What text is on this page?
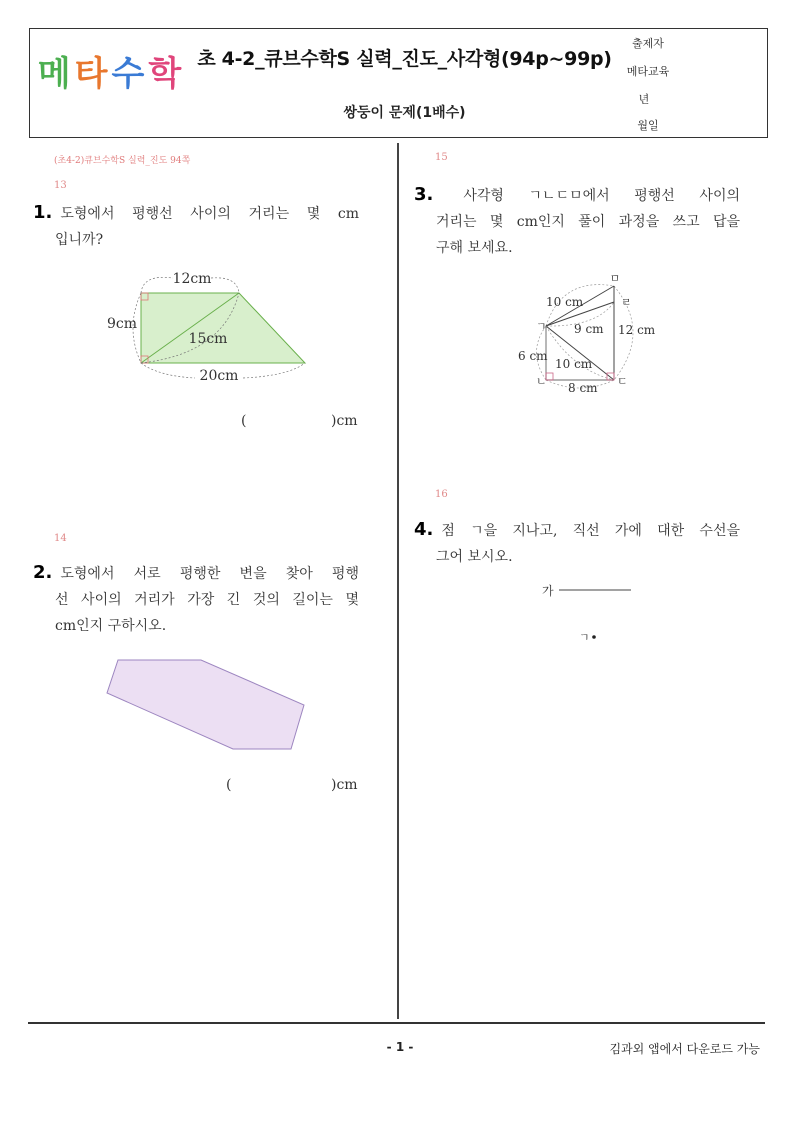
메 타 수 학 초 4-2_큐브수학S 실력_진도_사각형(94p~99p)
쌍둥이 문제(1배수)
출제자
메타교육
년
월 일
(초4-2)큐브수학S 실력_진도 94쪽
13
1. 도형에서 평행선 사이의 거리는 몇 cm
입니까?
12cm
9cm
15cm
20cm
(	)cm
14
2. 도형에서 서로 평행한 변을 찾아 평행
선 사이의 거리가 가장 긴 것의 길이는 몇
cm인지 구하시오.
(	)cm
15
3. 사각형 ㄱㄴㄷㅁ에서 평행선 사이의
거리는 몇 cm인지 풀이 과정을 쓰고 답을
구해 보세요.
ㅁ
ㄹ
ㄱ
ㄴ	ㄷ
10 cm
9 cm 12 cm
6 cm
10 cm
8 cm
16
4. 점 ㄱ을 지나고, 직선 가에 대한 수선을
그어 보시오.
가
ㄱ
- 1 -	김과외 앱에서 다운로드 가능
